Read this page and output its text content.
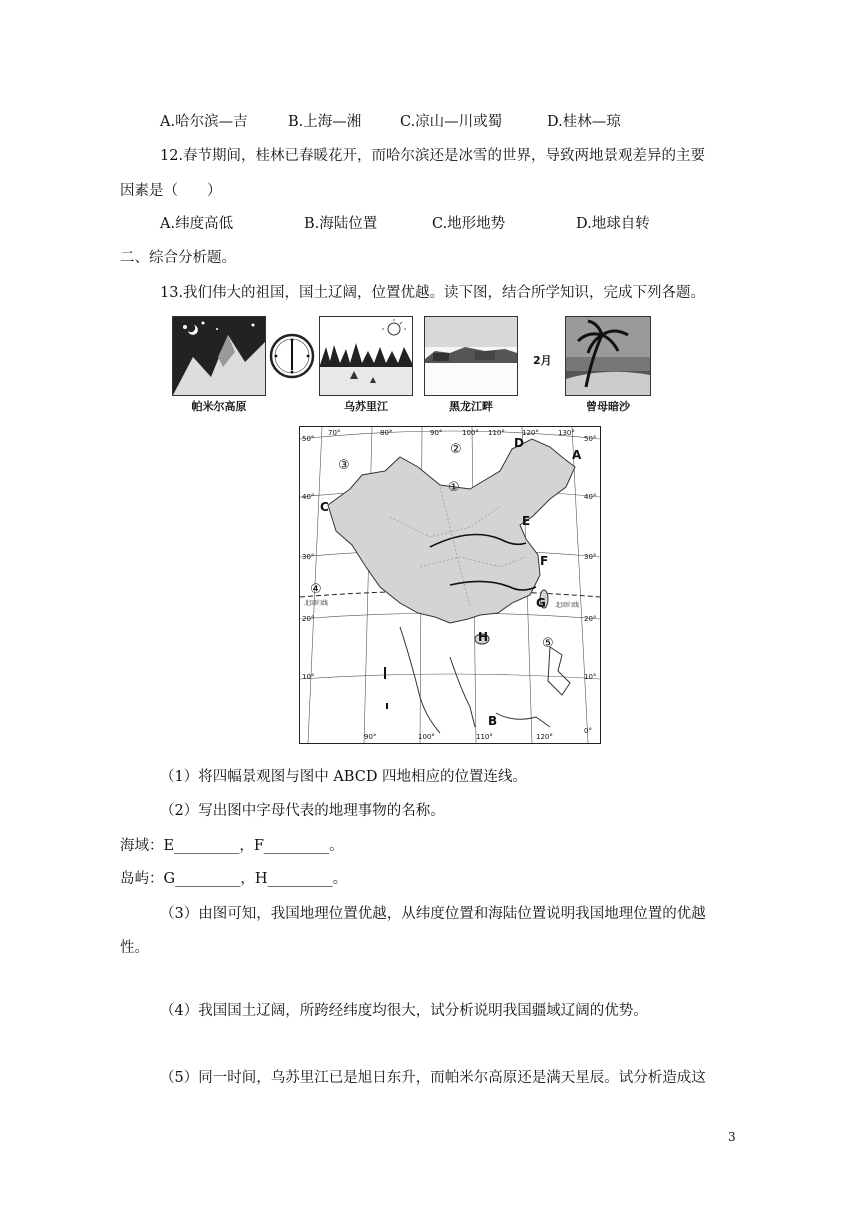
A.哈尔滨—吉	B.上海—湘	C.凉山—川或蜀	D.桂林—琼
12.春节期间，桂林已春暖花开，而哈尔滨还是冰雪的世界，导致两地景观差异的主要
因素是（　　）
A.纬度高低	B.海陆位置	C.地形地势	D.地球自转
二、综合分析题。
13.我们伟大的祖国，国土辽阔，位置优越。读下图，结合所学知识，完成下列各题。
2月
帕米尔高原	乌苏里江	黑龙江畔	曾母暗沙
70°	80°	90°	100° 110° 120°	130°
90°	100°	110°	120°
50°
40°
30°
20°
10°
50°
40°
30°
20°
10°
0°
北回归线
北回归线
A
B
C
D
E
F
G
H
①
②
③
④
⑤
（1）将四幅景观图与图中 ABCD 四地相应的位置连线。
（2）写出图中字母代表的地理事物的名称。
海域：E_________，F_________。
岛屿：G_________，H_________。
（3）由图可知，我国地理位置优越，从纬度位置和海陆位置说明我国地理位置的优越
性。
（4）我国国土辽阔，所跨经纬度均很大，试分析说明我国疆域辽阔的优势。
（5）同一时间，乌苏里江已是旭日东升，而帕米尔高原还是满天星辰。试分析造成这
3
